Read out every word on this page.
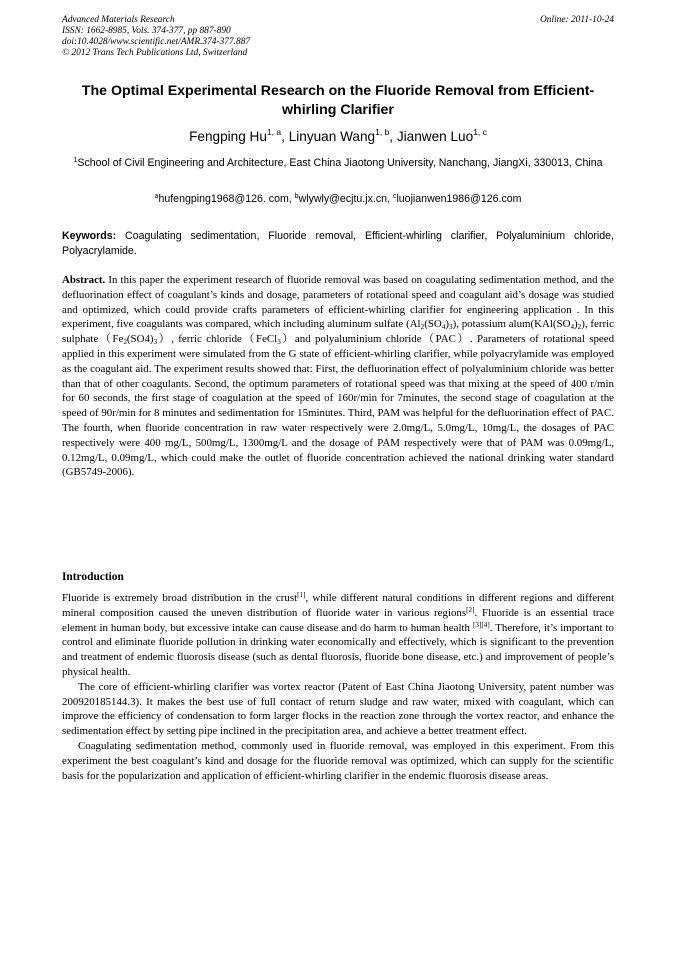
Advanced Materials Research
ISSN: 1662-8985, Vols. 374-377, pp 887-890
doi:10.4028/www.scientific.net/AMR.374-377.887
© 2012 Trans Tech Publications Ltd, Switzerland
Online: 2011-10-24
The Optimal Experimental Research on the Fluoride Removal from Efficient-whirling Clarifier
Fengping Hu$^{1, a}$, Linyuan Wang$^{1, b}$, Jianwen Luo$^{1, c}$
$^1$School of Civil Engineering and Architecture, East China Jiaotong University, Nanchang, JiangXi, 330013, China
$^a$hufengping1968@126. com, $^b$wlywly@ecjtu.jx.cn, $^c$luojianwen1986@126.com
Keywords: Coagulating sedimentation, Fluoride removal, Efficient-whirling clarifier, Polyaluminium chloride, Polyacrylamide.
Abstract. In this paper the experiment research of fluoride removal was based on coagulating sedimentation method, and the defluorination effect of coagulant’s kinds and dosage, parameters of rotational speed and coagulant aid’s dosage was studied and optimized, which could provide crafts parameters of efficient-whirling clarifier for engineering application . In this experiment, five coagulants was compared, which including aluminum sulfate $(Al_2(SO_4)_3)$, potassium $alum(KAl(SO_4)_2)$, ferric $sulphate(Fe_2(SO4)_3)$, ferric chloride（FeCl$_3$）and polyaluminium chloride（PAC）. Parameters of rotational speed applied in this experiment were simulated from the G state of efficient-whirling clarifier, while polyacrylamide was employed as the coagulant aid. The experiment results showed that: First, the defluorination effect of polyaluminium chloride was better than that of other coagulants. Second, the optimum parameters of rotational speed was that mixing at the speed of 400 r/min for 60 seconds, the first stage of coagulation at the speed of 160r/min for 7minutes, the second stage of coagulation at the speed of 90r/min for 8 minutes and sedimentation for 15minutes. Third, PAM was helpful for the defluorination effect of PAC. The fourth, when fluoride concentration in raw water respectively were 2.0mg/L, 5.0mg/L, 10mg/L, the dosages of PAC respectively were 400 mg/L, 500mg/L, 1300mg/L and the dosage of PAM respectively were that of PAM was 0.09mg/L, 0.12mg/L, 0.09mg/L, which could make the outlet of fluoride concentration achieved the national drinking water standard (GB5749-2006).
Introduction

Fluoride is extremely broad distribution in the crust[1], while different natural conditions in different regions and different mineral composition caused the uneven distribution of fluoride water in various regions[2]. Fluoride is an essential trace element in human body, but excessive intake can cause disease and do harm to human health [3][4]. Therefore, it’s important to control and eliminate fluoride pollution in drinking water economically and effectively, which is significant to the prevention and treatment of endemic fluorosis disease (such as dental fluorosis, fluoride bone disease, etc.) and improvement of people’s physical health.

The core of efficient-whirling clarifier was vortex reactor (Patent of East China Jiaotong University, patent number was 200920185144.3). It makes the best use of full contact of return sludge and raw water, mixed with coagulant, which can improve the efficiency of condensation to form larger flocks in the reaction zone through the vortex reactor, and enhance the sedimentation effect by setting pipe inclined in the precipitation area, and achieve a better treatment effect.

Coagulating sedimentation method, commonly used in fluoride removal, was employed in this experiment. From this experiment the best coagulant’s kind and dosage for the fluoride removal was optimized, which can supply for the scientific basis for the popularization and application of efficient-whirling clarifier in the endemic fluorosis disease areas.
